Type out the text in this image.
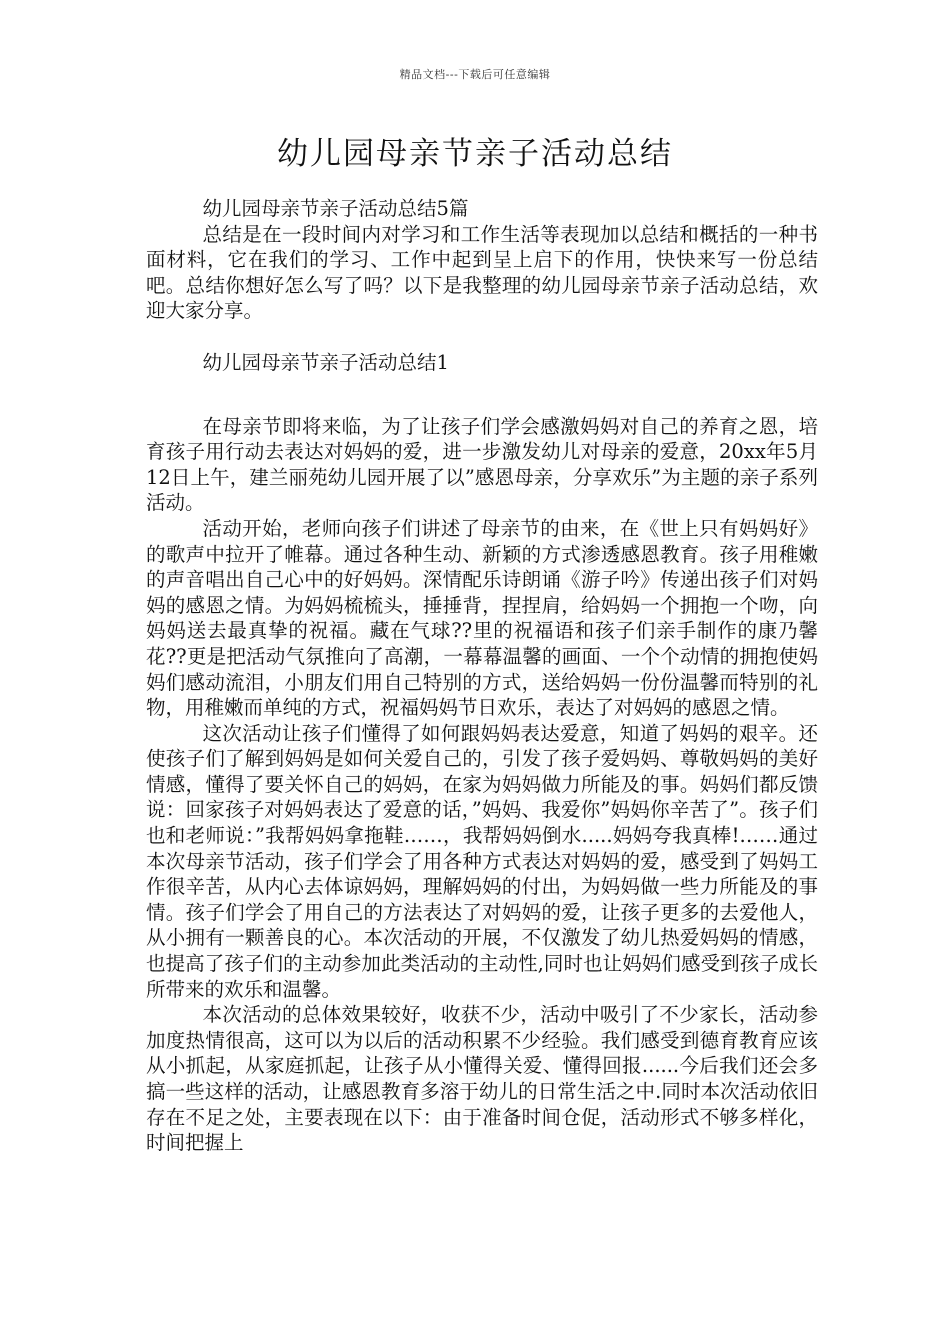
精品文档---下载后可任意编辑
幼儿园母亲节亲子活动总结

幼儿园母亲节亲子活动总结5篇

总结是在一段时间内对学习和工作生活等表现加以总结和概括的一种书面材料，它在我们的学习、工作中起到呈上启下的作用，快快来写一份总结吧。总结你想好怎么写了吗？以下是我整理的幼儿园母亲节亲子活动总结，欢迎大家分享。

幼儿园母亲节亲子活动总结1

在母亲节即将来临，为了让孩子们学会感激妈妈对自己的养育之恩，培育孩子用行动去表达对妈妈的爱，进一步激发幼儿对母亲的爱意，20xx年5月12日上午，建兰丽苑幼儿园开展了以”感恩母亲，分享欢乐”为主题的亲子系列活动。

活动开始，老师向孩子们讲述了母亲节的由来，在《世上只有妈妈好》的歌声中拉开了帷幕。通过各种生动、新颖的方式渗透感恩教育。孩子用稚嫩的声音唱出自己心中的好妈妈。深情配乐诗朗诵《游子吟》传递出孩子们对妈妈的感恩之情。为妈妈梳梳头，捶捶背，捏捏肩，给妈妈一个拥抱一个吻，向妈妈送去最真挚的祝福。藏在气球??里的祝福语和孩子们亲手制作的康乃馨花??更是把活动气氛推向了高潮，一幕幕温馨的画面、一个个动情的拥抱使妈妈们感动流泪，小朋友们用自己特别的方式，送给妈妈一份份温馨而特别的礼物，用稚嫩而单纯的方式，祝福妈妈节日欢乐，表达了对妈妈的感恩之情。

这次活动让孩子们懂得了如何跟妈妈表达爱意，知道了妈妈的艰辛。还使孩子们了解到妈妈是如何关爱自己的，引发了孩子爱妈妈、尊敬妈妈的美好情感，懂得了要关怀自己的妈妈，在家为妈妈做力所能及的事。妈妈们都反馈说：回家孩子对妈妈表达了爱意的话，”妈妈、我爱你”妈妈你辛苦了”。孩子们也和老师说：”我帮妈妈拿拖鞋……，我帮妈妈倒水.....妈妈夸我真棒!……通过本次母亲节活动，孩子们学会了用各种方式表达对妈妈的爱，感受到了妈妈工作很辛苦，从内心去体谅妈妈，理解妈妈的付出，为妈妈做一些力所能及的事情。孩子们学会了用自己的方法表达了对妈妈的爱，让孩子更多的去爱他人，从小拥有一颗善良的心。本次活动的开展，不仅激发了幼儿热爱妈妈的情感，也提高了孩子们的主动参加此类活动的主动性,同时也让妈妈们感受到孩子成长所带来的欢乐和温馨。

本次活动的总体效果较好，收获不少，活动中吸引了不少家长，活动参加度热情很高，这可以为以后的活动积累不少经验。我们感受到德育教育应该从小抓起，从家庭抓起，让孩子从小懂得关爱、懂得回报......今后我们还会多搞一些这样的活动，让感恩教育多溶于幼儿的日常生活之中.同时本次活动依旧存在不足之处，主要表现在以下：由于准备时间仓促，活动形式不够多样化，时间把握上
